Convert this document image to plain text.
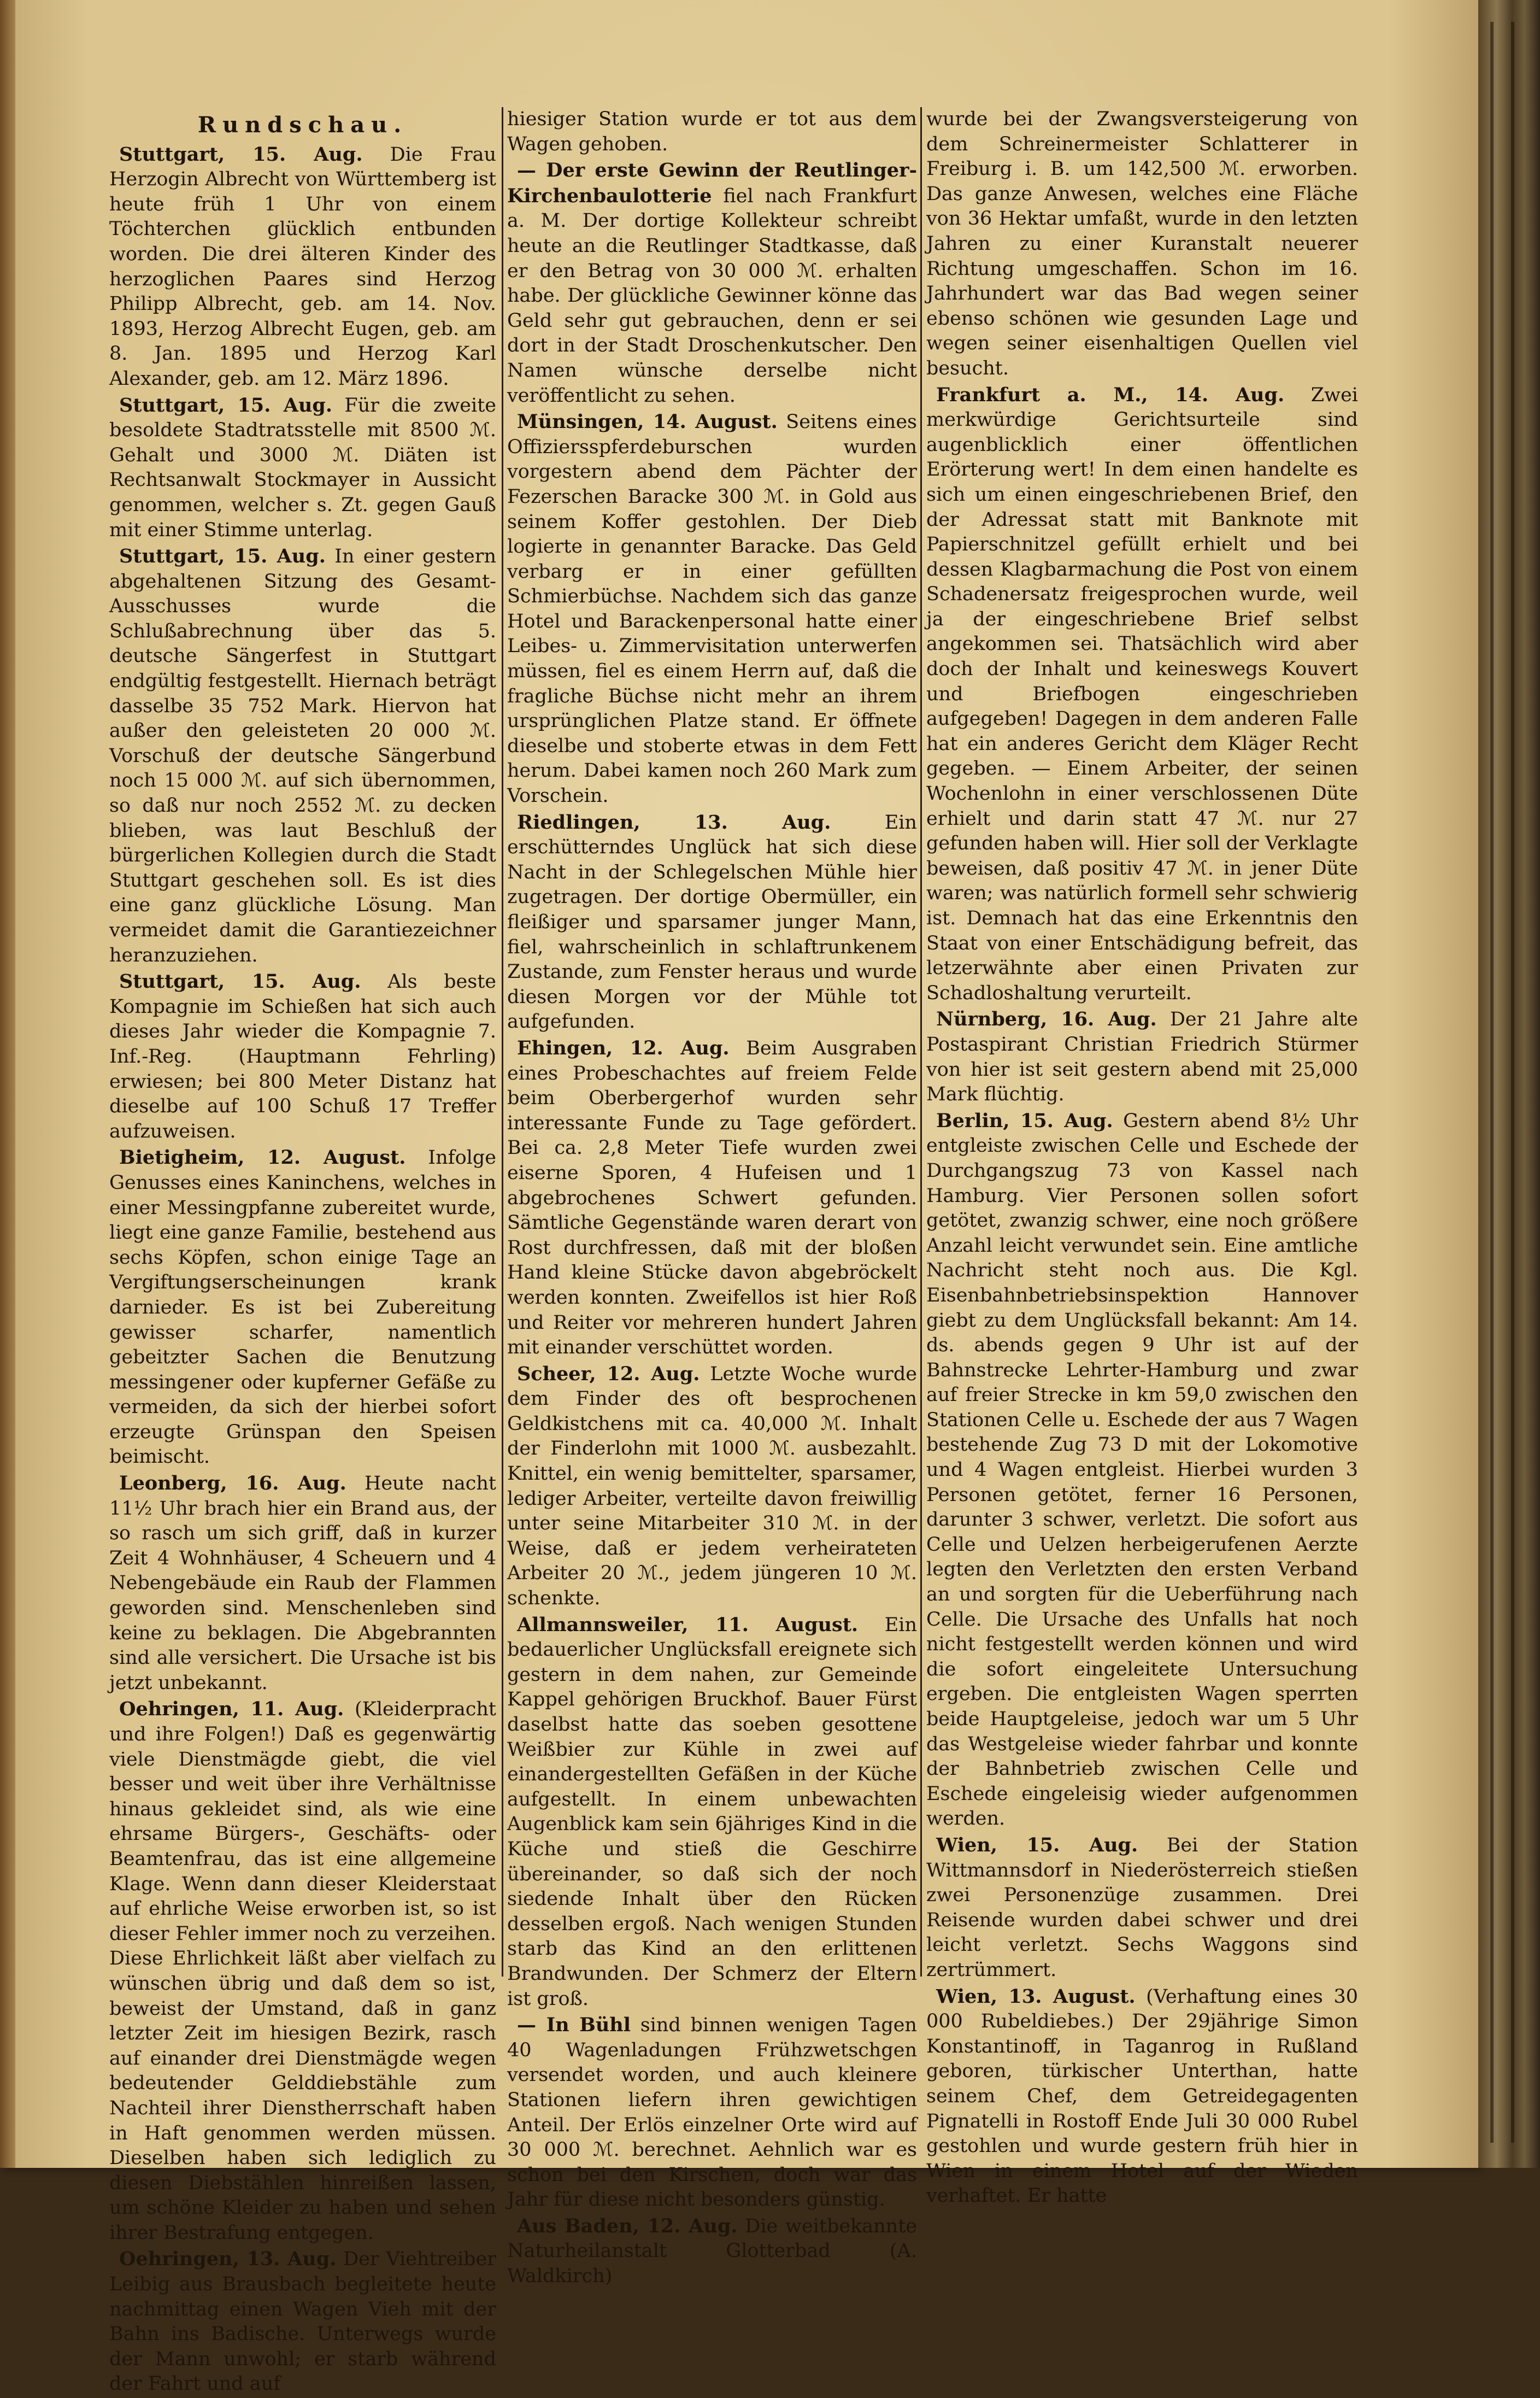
Rundschau.

Stuttgart, 15. Aug. Die Frau Herzogin Albrecht von Württemberg ist heute früh 1 Uhr von einem Töchterchen glücklich entbunden worden. Die drei älteren Kinder des herzoglichen Paares sind Herzog Philipp Albrecht, geb. am 14. Nov. 1893, Herzog Albrecht Eugen, geb. am 8. Jan. 1895 und Herzog Karl Alexander, geb. am 12. März 1896.

Stuttgart, 15. Aug. Für die zweite besoldete Stadtratsstelle mit 8500 ℳ. Gehalt und 3000 ℳ. Diäten ist Rechtsanwalt Stockmayer in Aussicht genommen, welcher s. Zt. gegen Gauß mit einer Stimme unterlag.

Stuttgart, 15. Aug. In einer gestern abgehaltenen Sitzung des Gesamt-Ausschusses wurde die Schlußabrechnung über das 5. deutsche Sängerfest in Stuttgart endgültig festgestellt. Hiernach beträgt dasselbe 35 752 Mark. Hiervon hat außer den geleisteten 20 000 ℳ. Vorschuß der deutsche Sängerbund noch 15 000 ℳ. auf sich übernommen, so daß nur noch 2552 ℳ. zu decken blieben, was laut Beschluß der bürgerlichen Kollegien durch die Stadt Stuttgart geschehen soll. Es ist dies eine ganz glückliche Lösung. Man vermeidet damit die Garantiezeichner heranzuziehen.

Stuttgart, 15. Aug. Als beste Kompagnie im Schießen hat sich auch dieses Jahr wieder die Kompagnie 7. Inf.-Reg. (Hauptmann Fehrling) erwiesen; bei 800 Meter Distanz hat dieselbe auf 100 Schuß 17 Treffer aufzuweisen.

Bietigheim, 12. August. Infolge Genusses eines Kaninchens, welches in einer Messingpfanne zubereitet wurde, liegt eine ganze Familie, bestehend aus sechs Köpfen, schon einige Tage an Vergiftungserscheinungen krank darnieder. Es ist bei Zubereitung gewisser scharfer, namentlich gebeitzter Sachen die Benutzung messingener oder kupferner Gefäße zu vermeiden, da sich der hierbei sofort erzeugte Grünspan den Speisen beimischt.

Leonberg, 16. Aug. Heute nacht 11½ Uhr brach hier ein Brand aus, der so rasch um sich griff, daß in kurzer Zeit 4 Wohnhäuser, 4 Scheuern und 4 Nebengebäude ein Raub der Flammen geworden sind. Menschenleben sind keine zu beklagen. Die Abgebrannten sind alle versichert. Die Ursache ist bis jetzt unbekannt.

Oehringen, 11. Aug. (Kleiderpracht und ihre Folgen!) Daß es gegenwärtig viele Dienstmägde giebt, die viel besser und weit über ihre Verhältnisse hinaus gekleidet sind, als wie eine ehrsame Bürgers-, Geschäfts- oder Beamtenfrau, das ist eine allgemeine Klage. Wenn dann dieser Kleiderstaat auf ehrliche Weise erworben ist, so ist dieser Fehler immer noch zu verzeihen. Diese Ehrlichkeit läßt aber vielfach zu wünschen übrig und daß dem so ist, beweist der Umstand, daß in ganz letzter Zeit im hiesigen Bezirk, rasch auf einander drei Dienstmägde wegen bedeutender Gelddiebstähle zum Nachteil ihrer Dienstherrschaft haben in Haft genommen werden müssen. Dieselben haben sich lediglich zu diesen Diebstählen hinreißen lassen, um schöne Kleider zu haben und sehen ihrer Bestrafung entgegen.

Oehringen, 13. Aug. Der Viehtreiber Leibig aus Brausbach begleitete heute nachmittag einen Wagen Vieh mit der Bahn ins Badische. Unterwegs wurde der Mann unwohl; er starb während der Fahrt und auf

hiesiger Station wurde er tot aus dem Wagen gehoben.

— Der erste Gewinn der Reutlinger-Kirchenbaulotterie fiel nach Frankfurt a. M. Der dortige Kollekteur schreibt heute an die Reutlinger Stadtkasse, daß er den Betrag von 30 000 ℳ. erhalten habe. Der glückliche Gewinner könne das Geld sehr gut gebrauchen, denn er sei dort in der Stadt Droschenkutscher. Den Namen wünsche derselbe nicht veröffentlicht zu sehen.

Münsingen, 14. August. Seitens eines Offiziersspferdeburschen wurden vorgestern abend dem Pächter der Fezerschen Baracke 300 ℳ. in Gold aus seinem Koffer gestohlen. Der Dieb logierte in genannter Baracke. Das Geld verbarg er in einer gefüllten Schmierbüchse. Nachdem sich das ganze Hotel und Barackenpersonal hatte einer Leibes- u. Zimmervisitation unterwerfen müssen, fiel es einem Herrn auf, daß die fragliche Büchse nicht mehr an ihrem ursprünglichen Platze stand. Er öffnete dieselbe und stoberte etwas in dem Fett herum. Dabei kamen noch 260 Mark zum Vorschein.

Riedlingen, 13. Aug.	Ein erschütterndes Unglück hat sich diese Nacht in der Schlegelschen Mühle hier zugetragen. Der dortige Obermüller, ein fleißiger und sparsamer junger Mann, fiel, wahrscheinlich in schlaftrunkenem Zustande, zum Fenster heraus und wurde diesen Morgen vor der Mühle tot aufgefunden.

Ehingen, 12. Aug. Beim Ausgraben eines Probeschachtes auf freiem Felde beim Oberbergerhof wurden sehr interessante Funde zu Tage gefördert. Bei ca. 2,8 Meter Tiefe wurden zwei eiserne Sporen, 4 Hufeisen und 1 abgebrochenes Schwert gefunden. Sämtliche Gegenstände waren derart von Rost durchfressen, daß mit der bloßen Hand kleine Stücke davon abgebröckelt werden konnten. Zweifellos ist hier Roß und Reiter vor mehreren hundert Jahren mit einander verschüttet worden.

Scheer, 12. Aug. Letzte Woche wurde dem Finder des oft besprochenen Geldkistchens mit ca. 40,000 ℳ. Inhalt der Finderlohn mit 1000 ℳ. ausbezahlt. Knittel, ein wenig bemittelter, sparsamer, lediger Arbeiter, verteilte davon freiwillig unter seine Mitarbeiter 310 ℳ. in der Weise, daß er jedem verheirateten Arbeiter 20 ℳ., jedem jüngeren 10 ℳ. schenkte.

Allmannsweiler, 11. August. Ein bedauerlicher Unglücksfall ereignete sich gestern in dem nahen, zur Gemeinde Kappel gehörigen Bruckhof. Bauer Fürst daselbst hatte das soeben gesottene Weißbier zur Kühle in zwei auf einandergestellten Gefäßen in der Küche aufgestellt. In einem unbewachten Augenblick kam sein 6jähriges Kind in die Küche und stieß die Geschirre übereinander, so daß sich der noch siedende Inhalt über den Rücken desselben ergoß. Nach wenigen Stunden starb das Kind an den erlittenen Brandwunden. Der Schmerz der Eltern ist groß.

— In Bühl sind binnen wenigen Tagen 40 Wagenladungen Frühzwetschgen versendet worden, und auch kleinere Stationen liefern ihren gewichtigen Anteil. Der Erlös einzelner Orte wird auf 30 000 ℳ. berechnet. Aehnlich war es schon bei den Kirschen, doch war das Jahr für diese nicht besonders günstig.

Aus Baden, 12. Aug. Die weitbekannte Naturheilanstalt Glotterbad (A. Waldkirch)

wurde bei der Zwangsversteigerung von dem Schreinermeister Schlatterer in Freiburg i. B. um 142,500 ℳ. erworben. Das ganze Anwesen, welches eine Fläche von 36 Hektar umfaßt, wurde in den letzten Jahren zu einer Kuranstalt neuerer Richtung umgeschaffen. Schon im 16. Jahrhundert war das Bad wegen seiner ebenso schönen wie gesunden Lage und wegen seiner eisenhaltigen Quellen viel besucht.

Frankfurt a. M., 14. Aug. Zwei merkwürdige Gerichtsurteile sind augenblicklich einer öffentlichen Erörterung wert! In dem einen handelte es sich um einen eingeschriebenen Brief, den der Adressat statt mit Banknote mit Papierschnitzel gefüllt erhielt und bei dessen Klagbarmachung die Post von einem Schadenersatz freigesprochen wurde, weil ja der eingeschriebene Brief selbst angekommen sei. Thatsächlich wird aber doch der Inhalt und keineswegs Kouvert und Briefbogen eingeschrieben aufgegeben! Dagegen in dem anderen Falle hat ein anderes Gericht dem Kläger Recht gegeben. — Einem Arbeiter, der seinen Wochenlohn in einer verschlossenen Düte erhielt und darin statt 47 ℳ. nur 27 gefunden haben will. Hier soll der Verklagte beweisen, daß positiv 47 ℳ. in jener Düte waren; was natürlich formell sehr schwierig ist. Demnach hat das eine Erkenntnis den Staat von einer Entschädigung befreit, das letzerwähnte aber einen Privaten zur Schadloshaltung verurteilt.

Nürnberg, 16. Aug. Der 21 Jahre alte Postaspirant Christian Friedrich Stürmer von hier ist seit gestern abend mit 25,000 Mark flüchtig.

Berlin, 15. Aug. Gestern abend 8½ Uhr entgleiste zwischen Celle und Eschede der Durchgangszug 73 von Kassel nach Hamburg. Vier Personen sollen sofort getötet, zwanzig schwer, eine noch größere Anzahl leicht verwundet sein. Eine amtliche Nachricht steht noch aus. Die Kgl. Eisenbahnbetriebsinspektion Hannover giebt zu dem Unglücksfall bekannt: Am 14. ds. abends gegen 9 Uhr ist auf der Bahnstrecke Lehrter-Hamburg und zwar auf freier Strecke in km 59,0 zwischen den Stationen Celle u. Eschede der aus 7 Wagen bestehende Zug 73 D mit der Lokomotive und 4 Wagen entgleist. Hierbei wurden 3 Personen getötet, ferner 16 Personen, darunter 3 schwer, verletzt. Die sofort aus Celle und Uelzen herbeigerufenen Aerzte legten den Verletzten den ersten Verband an und sorgten für die Ueberführung nach Celle. Die Ursache des Unfalls hat noch nicht festgestellt werden können und wird die sofort eingeleitete Untersuchung ergeben. Die entgleisten Wagen sperrten beide Hauptgeleise, jedoch war um 5 Uhr das Westgeleise wieder fahrbar und konnte der Bahnbetrieb zwischen Celle und Eschede eingeleisig wieder aufgenommen werden.

Wien, 15. Aug. Bei der Station Wittmannsdorf in Niederösterreich stießen zwei Personenzüge zusammen. Drei Reisende wurden dabei schwer und drei leicht verletzt. Sechs Waggons sind zertrümmert.

Wien, 13. August. (Verhaftung eines 30 000 Rubeldiebes.) Der 29jährige Simon Konstantinoff, in Taganrog in Rußland geboren, türkischer Unterthan, hatte seinem Chef, dem Getreidegagenten Pignatelli in Rostoff Ende Juli 30 000 Rubel gestohlen und wurde gestern früh hier in Wien in einem Hotel auf der Wieden verhaftet. Er hatte
